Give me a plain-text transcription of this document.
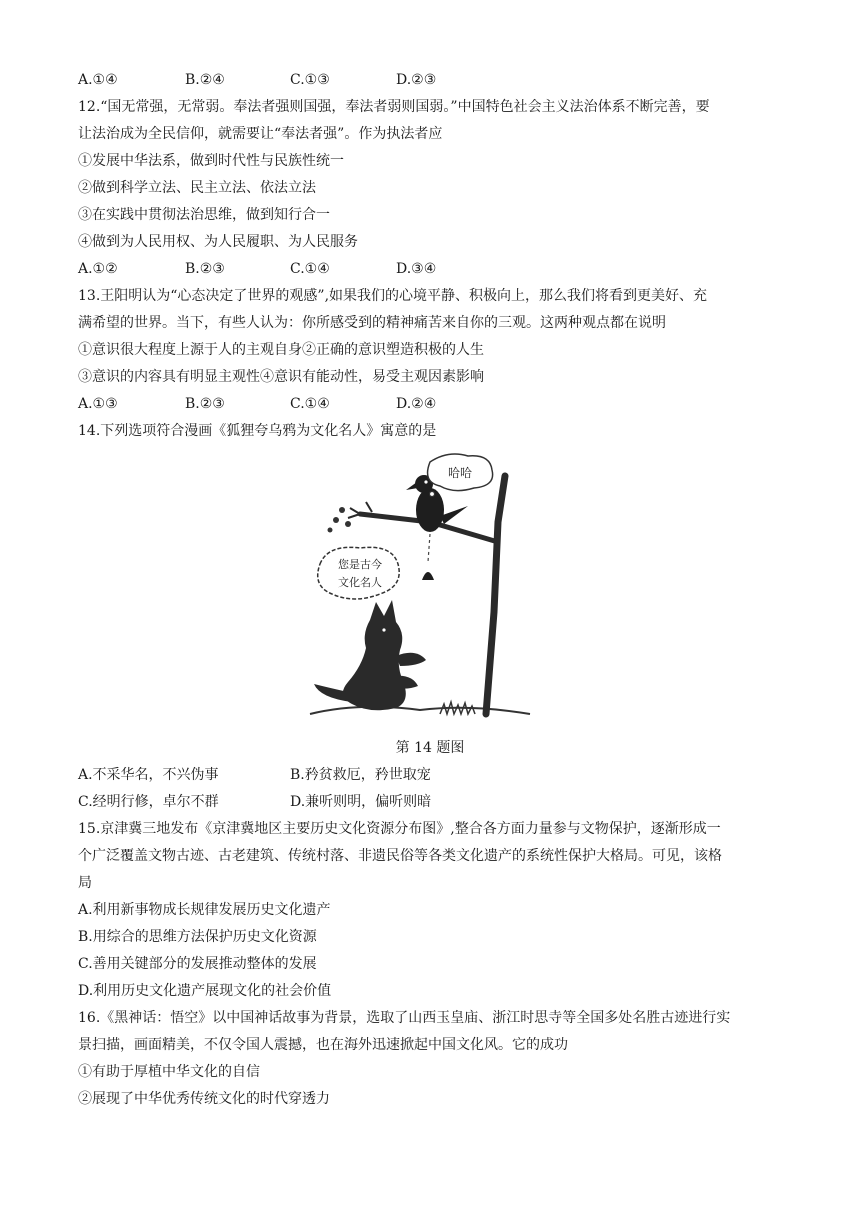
A.①④	B.②④	C.①③	D.②③
12.“国无常强，无常弱。奉法者强则国强，奉法者弱则国弱。”中国特色社会主义法治体系不断完善，要
让法治成为全民信仰，就需要让“奉法者强”。作为执法者应
①发展中华法系，做到时代性与民族性统一
②做到科学立法、民主立法、依法立法
③在实践中贯彻法治思维，做到知行合一
④做到为人民用权、为人民履职、为人民服务
A.①②	B.②③	C.①④	D.③④
13.王阳明认为“心态决定了世界的观感”,如果我们的心境平静、积极向上，那么我们将看到更美好、充
满希望的世界。当下，有些人认为：你所感受到的精神痛苦来自你的三观。这两种观点都在说明
①意识很大程度上源于人的主观自身②正确的意识塑造积极的人生
③意识的内容具有明显主观性④意识有能动性，易受主观因素影响
A.①③	B.②③	C.①④	D.②④
14.下列选项符合漫画《狐狸夸乌鸦为文化名人》寓意的是
哈哈
您是古今
文化名人
第 14 题图
A.不采华名，不兴伪事	B.矜贫救厄，矜世取宠
C.经明行修，卓尔不群	D.兼听则明，偏听则暗
15.京津冀三地发布《京津冀地区主要历史文化资源分布图》,整合各方面力量参与文物保护，逐渐形成一
个广泛覆盖文物古迹、古老建筑、传统村落、非遗民俗等各类文化遗产的系统性保护大格局。可见，该格
局
A.利用新事物成长规律发展历史文化遗产
B.用综合的思维方法保护历史文化资源
C.善用关键部分的发展推动整体的发展
D.利用历史文化遗产展现文化的社会价值
16.《黑神话：悟空》以中国神话故事为背景，选取了山西玉皇庙、浙江时思寺等全国多处名胜古迹进行实
景扫描，画面精美，不仅令国人震撼，也在海外迅速掀起中国文化风。它的成功
①有助于厚植中华文化的自信
②展现了中华优秀传统文化的时代穿透力
